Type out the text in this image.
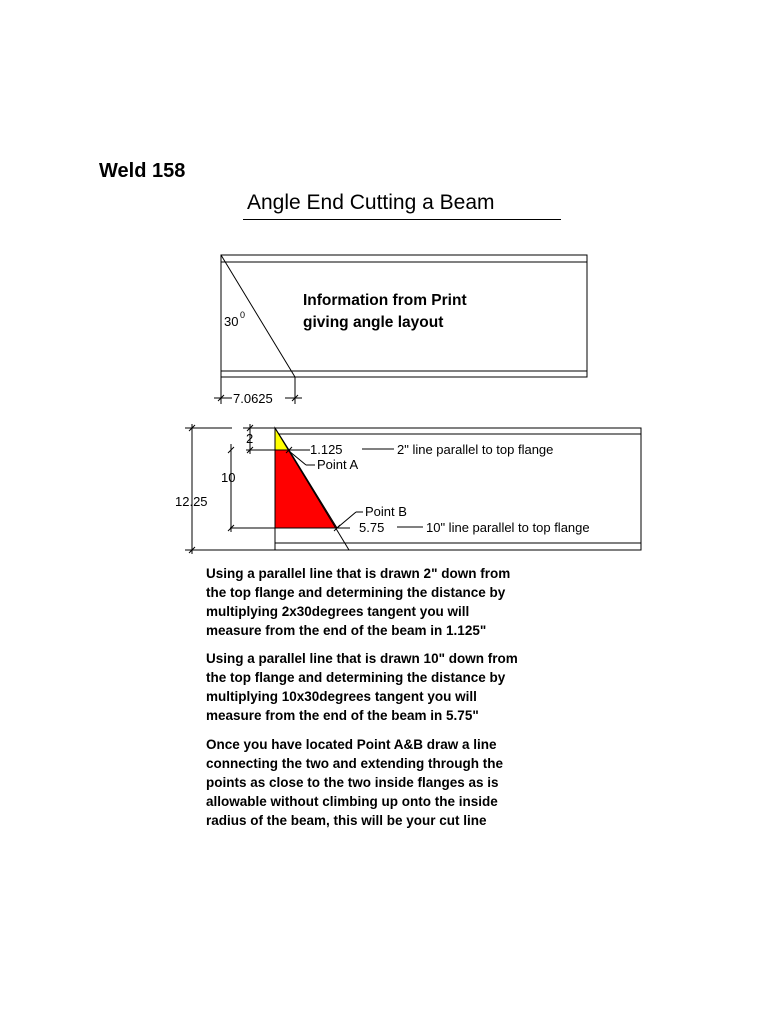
Weld 158
Angle End Cutting a Beam
30 0
Information from Print
giving angle layout
7.0625
2
10
12.25
1.125	2" line parallel to top flange
Point A
Point B
5.75	10" line parallel to top flange
Using a parallel line that is drawn 2" down from
the top flange and determining the distance by
multiplying 2x30degrees tangent you will
measure from the end of the beam in 1.125"
Using a parallel line that is drawn 10" down from
the top flange and determining the distance by
multiplying 10x30degrees tangent you will
measure from the end of the beam in 5.75"
Once you have located Point A&B draw a line
connecting the two and extending through the
points as close to the two inside flanges as is
allowable without climbing up onto the inside
radius of the beam, this will be your cut line
